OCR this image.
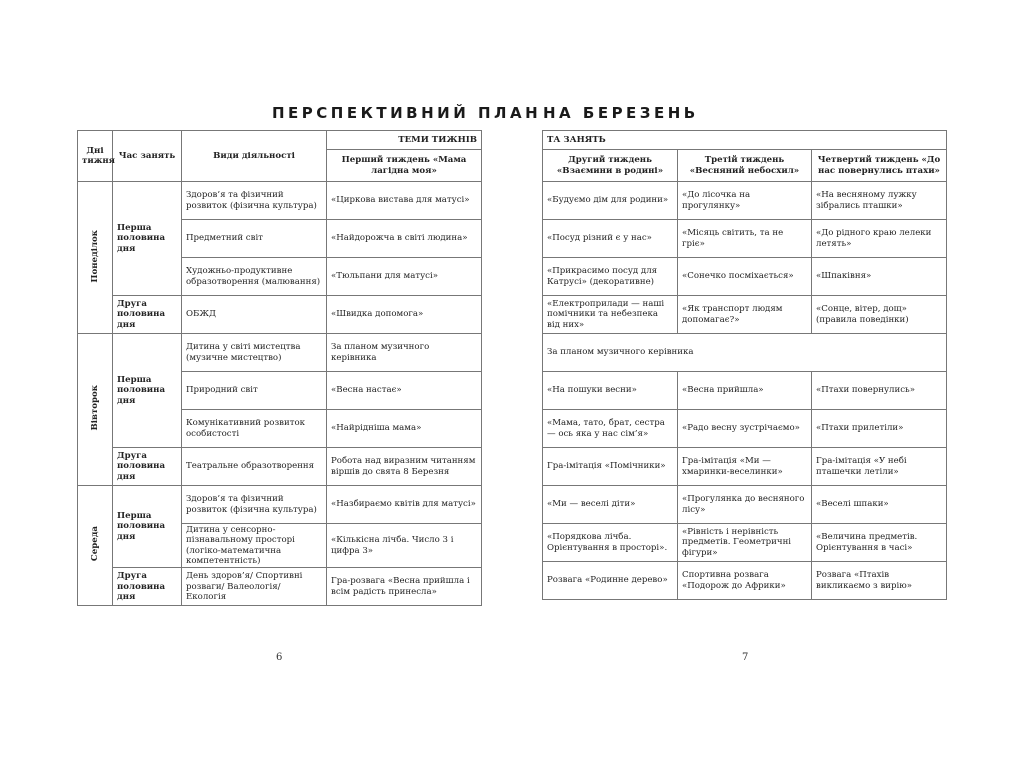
ПЕРСПЕКТИВНИЙ ПЛАН НА БЕРЕЗЕНЬ
Дні тижня	Час занять	Види діяльності	ТЕМИ ТИЖНІВ
			Перший тиждень «Мама лагідна моя»
Понеділок	Перша половина дня	Здоров’я та фізичний розвиток (фізична культура)	«Циркова вистава для матусі»
		Предметний світ	«Найдорожча в світі людина»
		Художньо-продуктивне образотворення (малювання)	«Тюльпани для матусі»
	Друга половина дня	ОБЖД	«Швидка допомога»
Вівторок	Перша половина дня	Дитина у світі мистецтва (музичне мистецтво)	За планом музичного керівника
		Природний світ	«Весна настає»
		Комунікативний розвиток особистості	«Найрідніша мама»
	Друга половина дня	Театральне образотворення	Робота над виразним читанням віршів до свята 8 Березня
Середа	Перша половина дня	Здоров’я та фізичний розвиток (фізична культура)	«Назбираємо квітів для матусі»
		Дитина у сенсорно-пізнавальному просторі (логіко-математична компетентність)	«Кількісна лічба. Число 3 і цифра 3»
	Друга половина дня	День здоров’я/ Спортивні розваги/ Валеологія/ Екологія	Гра-розвага «Весна прийшла і всім радість принесла»
ТА ЗАНЯТЬ		
Другий тиждень «Взаємини в родині»	Третій тиждень «Весняний небосхил»	Четвертий тиждень «До нас повернулись птахи»
«Будуємо дім для родини»	«До лісочка на прогулянку»	«На весняному лужку зібрались пташки»
«Посуд різний є у нас»	«Місяць світить, та не гріє»	«До рідного краю лелеки летять»
«Прикрасимо посуд для Катрусі» (декоративне)	«Сонечко посміхається»	«Шпаківня»
«Електроприлади — наші помічники та небезпека від них»	«Як транспорт людям допомагає?»	«Сонце, вітер, дощ» (правила поведінки)
За планом музичного керівника		
«На пошуки весни»	«Весна прийшла»	«Птахи повернулись»
«Мама, тато, брат, сестра — ось яка у нас сім’я»	«Радо весну зустрічаємо»	«Птахи прилетіли»
Гра-імітація «Помічники»	Гра-імітація «Ми — хмаринки-веселинки»	Гра-імітація «У небі пташечки летіли»
«Ми — веселі діти»	«Прогулянка до весняного лісу»	«Веселі шпаки»
«Порядкова лічба. Орієнтування в просторі».	«Рівність і нерівність предметів. Геометричні фігури»	«Величина предметів. Орієнтування в часі»
Розвага «Родинне дерево»	Спортивна розвага «Подорож до Африки»	Розвага «Птахів викликаємо з вирію»
6	7
